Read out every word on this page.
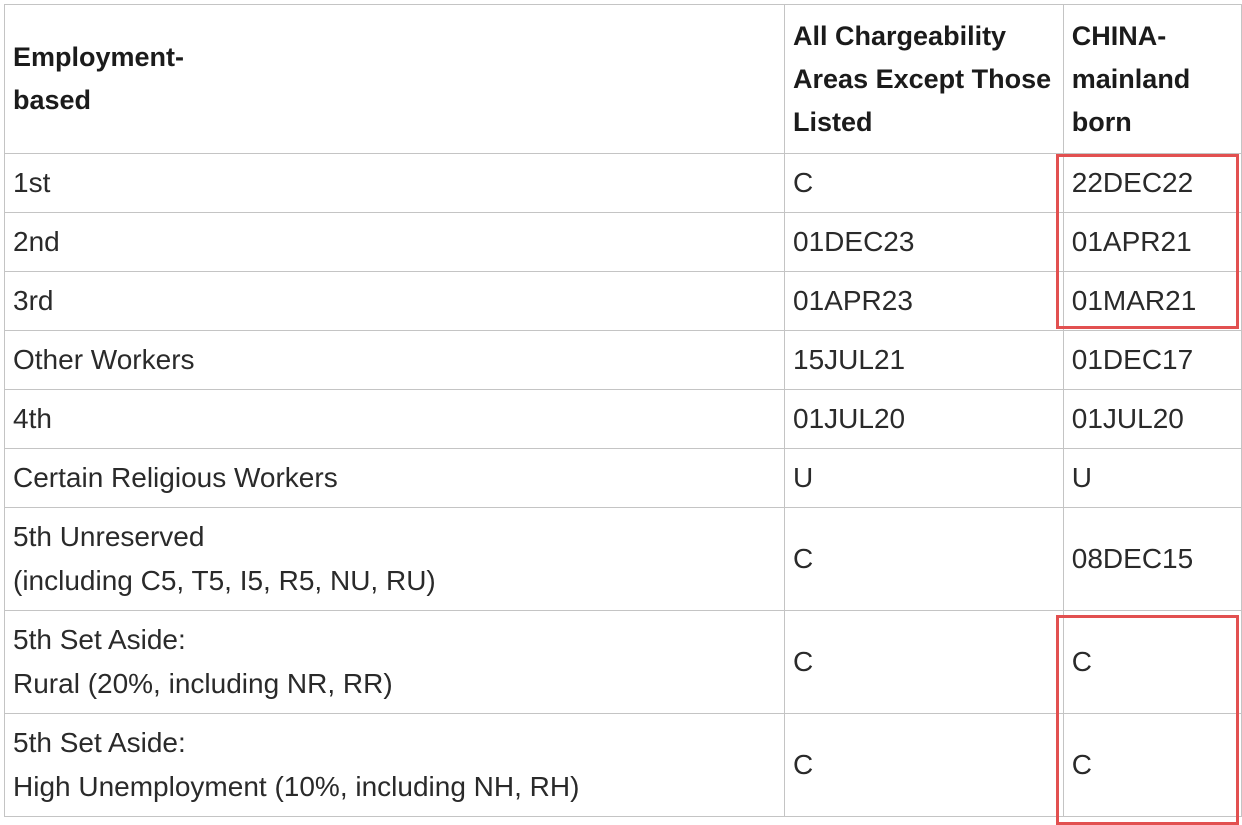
Employment-based	All Chargeability Areas Except Those Listed	CHINA-mainland born

1st	C	22DEC22

2nd	01DEC23	01APR21

3rd	01APR23	01MAR21

Other Workers	15JUL21	01DEC17

4th	01JUL20	01JUL20

Certain Religious Workers	U	U

5th Unreserved
(including C5, T5, I5, R5, NU, RU)	C	08DEC15

5th Set Aside:
Rural (20%, including NR, RR)	C	C

5th Set Aside:
High Unemployment (10%, including NH, RH)	C	C
